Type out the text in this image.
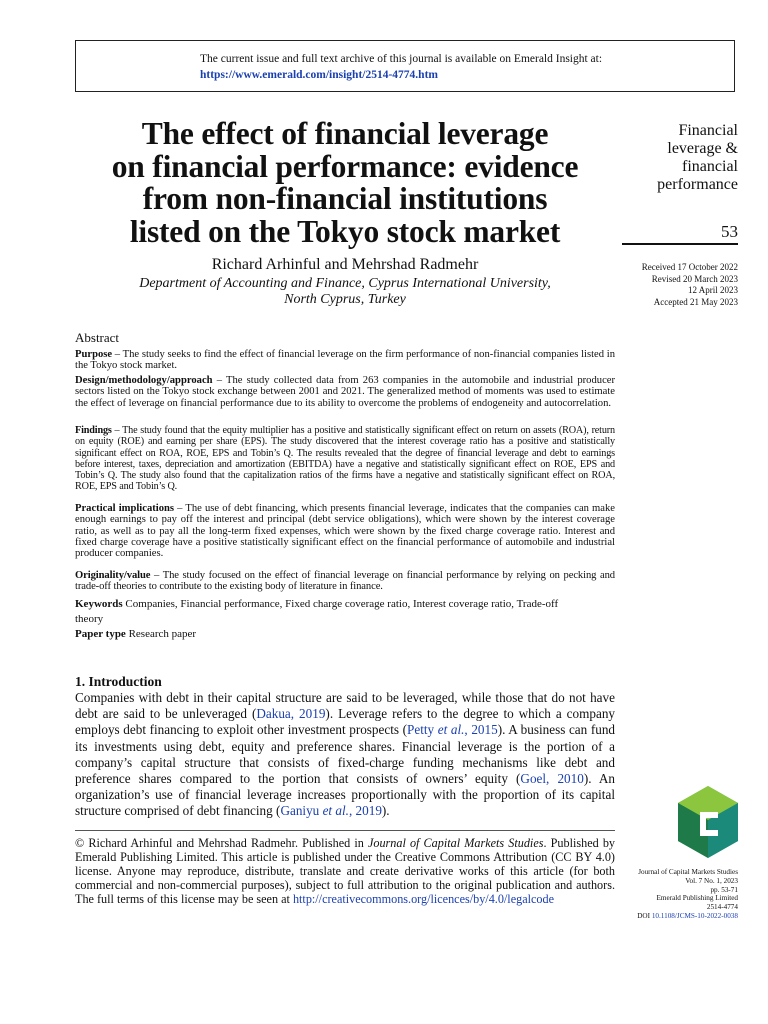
The current issue and full text archive of this journal is available on Emerald Insight at:
https://www.emerald.com/insight/2514-4774.htm
The effect of financial leverage
on financial performance: evidence
from non-financial institutions
listed on the Tokyo stock market
Richard Arhinful and Mehrshad Radmehr
Department of Accounting and Finance, Cyprus International University,
North Cyprus, Turkey
Financial
leverage &
financial
performance
53
Received 17 October 2022
Revised 20 March 2023
12 April 2023
Accepted 21 May 2023
Abstract
Purpose – The study seeks to find the effect of financial leverage on the firm performance of non-financial companies listed in the Tokyo stock market.
Design/methodology/approach – The study collected data from 263 companies in the automobile and industrial producer sectors listed on the Tokyo stock exchange between 2001 and 2021. The generalized method of moments was used to estimate the effect of leverage on financial performance due to its ability to overcome the problems of endogeneity and autocorrelation.
Findings – The study found that the equity multiplier has a positive and statistically significant effect on return on assets (ROA), return on equity (ROE) and earning per share (EPS). The study discovered that the interest coverage ratio has a positive and statistically significant effect on ROA, ROE, EPS and Tobin’s Q. The results revealed that the degree of financial leverage and debt to earnings before interest, taxes, depreciation and amortization (EBITDA) have a negative and statistically significant effect on ROE, EPS and Tobin’s Q. The study also found that the capitalization ratios of the firms have a negative and statistically significant effect on ROA, ROE, EPS and Tobin’s Q.
Practical implications – The use of debt financing, which presents financial leverage, indicates that the companies can make enough earnings to pay off the interest and principal (debt service obligations), which were shown by the interest coverage ratio, as well as to pay all the long-term fixed expenses, which were shown by the fixed charge coverage ratio. Interest and fixed charge coverage have a positive statistically significant effect on the financial performance of automobile and industrial producer companies.
Originality/value – The study focused on the effect of financial leverage on financial performance by relying on pecking and trade-off theories to contribute to the existing body of literature in finance.
Keywords Companies, Financial performance, Fixed charge coverage ratio, Interest coverage ratio, Trade-off theory
Paper type Research paper
1. Introduction
Companies with debt in their capital structure are said to be leveraged, while those that do not have debt are said to be unleveraged (Dakua, 2019). Leverage refers to the degree to which a company employs debt financing to exploit other investment prospects (Petty et al., 2015). A business can fund its investments using debt, equity and preference shares. Financial leverage is the portion of a company’s capital structure that consists of fixed-charge funding mechanisms like debt and preference shares compared to the portion that consists of owners’ equity (Goel, 2010). An organization’s use of financial leverage increases proportionally with the proportion of its capital structure comprised of debt financing (Ganiyu et al., 2019).
© Richard Arhinful and Mehrshad Radmehr. Published in Journal of Capital Markets Studies. Published by Emerald Publishing Limited. This article is published under the Creative Commons Attribution (CC BY 4.0) license. Anyone may reproduce, distribute, translate and create derivative works of this article (for both commercial and non-commercial purposes), subject to full attribution to the original publication and authors. The full terms of this license may be seen at http://creativecommons.org/licences/by/4.0/legalcode
Journal of Capital Markets Studies
Vol. 7 No. 1, 2023
pp. 53-71
Emerald Publishing Limited
2514-4774
DOI 10.1108/JCMS-10-2022-0038
